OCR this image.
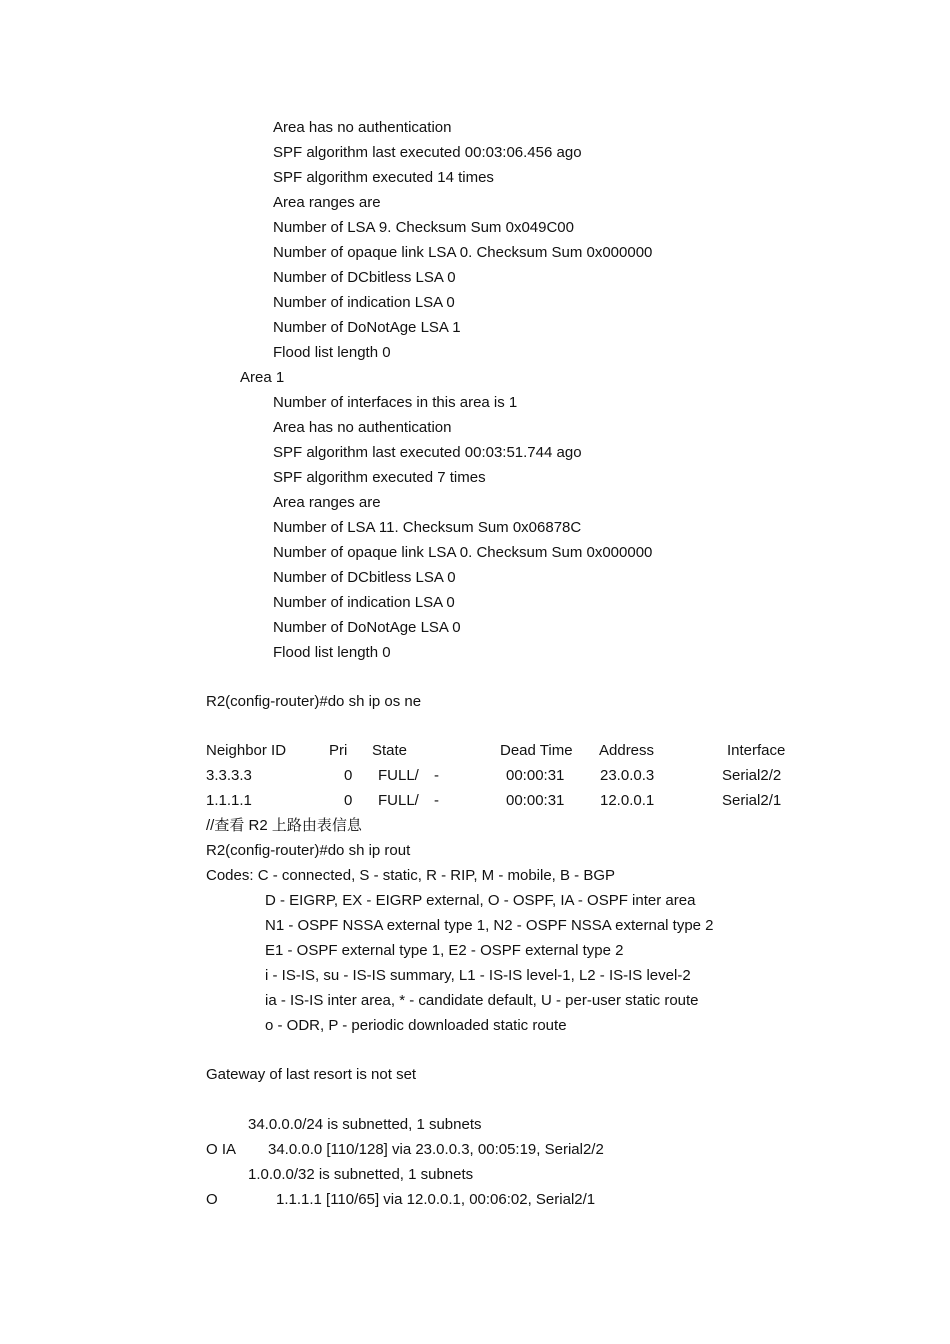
Area has no authentication
SPF algorithm last executed 00:03:06.456 ago
SPF algorithm executed 14 times
Area ranges are
Number of LSA 9. Checksum Sum 0x049C00
Number of opaque link LSA 0. Checksum Sum 0x000000
Number of DCbitless LSA 0
Number of indication LSA 0
Number of DoNotAge LSA 1
Flood list length 0
Area 1
Number of interfaces in this area is 1
Area has no authentication
SPF algorithm last executed 00:03:51.744 ago
SPF algorithm executed 7 times
Area ranges are
Number of LSA 11. Checksum Sum 0x06878C
Number of opaque link LSA 0. Checksum Sum 0x000000
Number of DCbitless LSA 0
Number of indication LSA 0
Number of DoNotAge LSA 0
Flood list length 0
R2(config-router)#do sh ip os ne
Neighbor ID	Pri State	Dead Time Address	Interface
3.3.3.3	0 FULL/ -	00:00:31 23.0.0.3	Serial2/2
1.1.1.1	0 FULL/ -	00:00:31 12.0.0.1	Serial2/1
//查看 R2 上路由表信息
R2(config-router)#do sh ip rout
Codes: C - connected, S - static, R - RIP, M - mobile, B - BGP
D - EIGRP, EX - EIGRP external, O - OSPF, IA - OSPF inter area
N1 - OSPF NSSA external type 1, N2 - OSPF NSSA external type 2
E1 - OSPF external type 1, E2 - OSPF external type 2
i - IS-IS, su - IS-IS summary, L1 - IS-IS level-1, L2 - IS-IS level-2
ia - IS-IS inter area, * - candidate default, U - per-user static route
o - ODR, P - periodic downloaded static route
Gateway of last resort is not set
34.0.0.0/24 is subnetted, 1 subnets
O IA 34.0.0.0 [110/128] via 23.0.0.3, 00:05:19, Serial2/2
1.0.0.0/32 is subnetted, 1 subnets
O	1.1.1.1 [110/65] via 12.0.0.1, 00:06:02, Serial2/1
